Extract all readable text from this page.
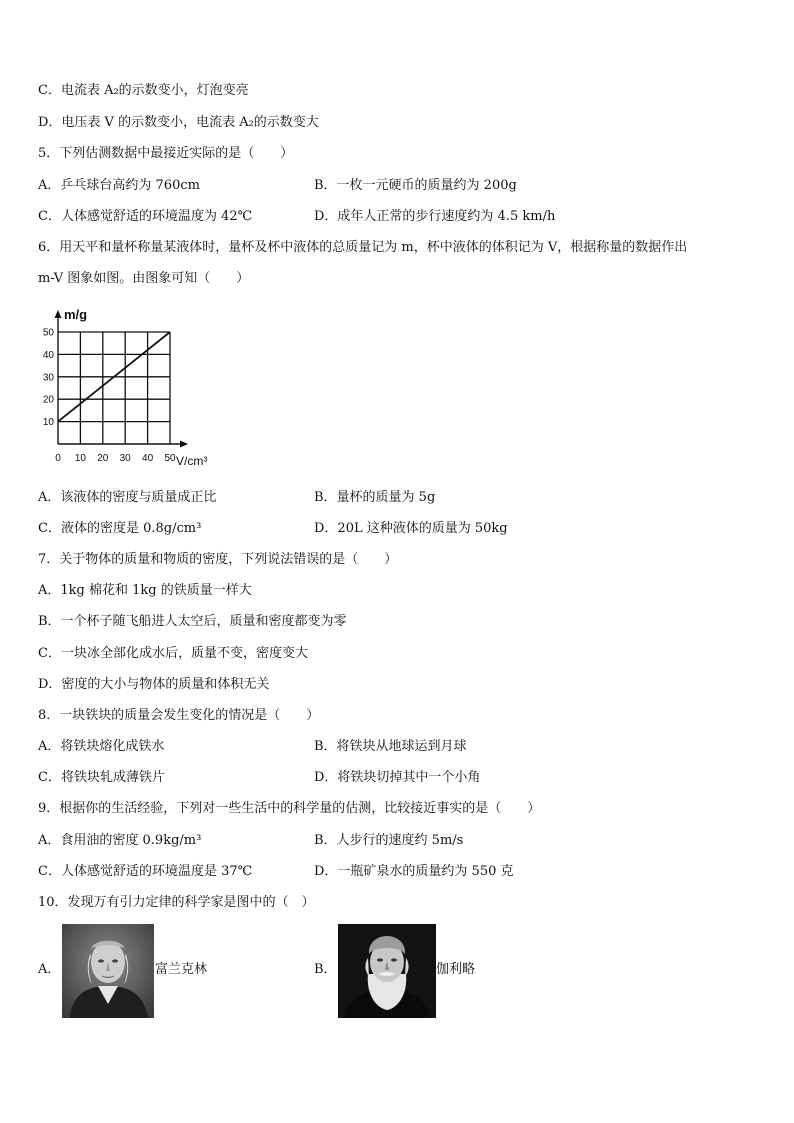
C．电流表 A₂的示数变小，灯泡变亮
D．电压表 V 的示数变小，电流表 A₂的示数变大
5．下列估测数据中最接近实际的是（　　）
A．乒乓球台高约为 760cm	B．一枚一元硬币的质量约为 200g
C．人体感觉舒适的环境温度为 42℃	D．成年人正常的步行速度约为 4.5 km/h
6．用天平和量杯称量某液体时，量杯及杯中液体的总质量记为 m，杯中液体的体积记为 V，根据称量的数据作出
m-V 图象如图。由图象可知（　　）
m/g
V/cm³
0 10 20 30 40 50
10
20
30
40
50
A．该液体的密度与质量成正比	B．量杯的质量为 5g
C．液体的密度是 0.8g/cm³	D．20L 这种液体的质量为 50kg
7．关于物体的质量和物质的密度，下列说法错误的是（　　）
A．1kg 棉花和 1kg 的铁质量一样大
B．一个杯子随飞船进人太空后，质量和密度都变为零
C．一块冰全部化成水后，质量不变，密度变大
D．密度的大小与物体的质量和体积无关
8．一块铁块的质量会发生变化的情况是（　　）
A．将铁块熔化成铁水	B．将铁块从地球运到月球
C．将铁块轧成薄铁片	D．将铁块切掉其中一个小角
9．根据你的生活经验，下列对一些生活中的科学量的估测，比较接近事实的是（　　）
A．食用油的密度 0.9kg/m³	B．人步行的速度约 5m/s
C．人体感觉舒适的环境温度是 37℃	D．一瓶矿泉水的质量约为 550 克
10．发现万有引力定律的科学家是图中的（　）
A．	富兰克林	B．	伽利略
